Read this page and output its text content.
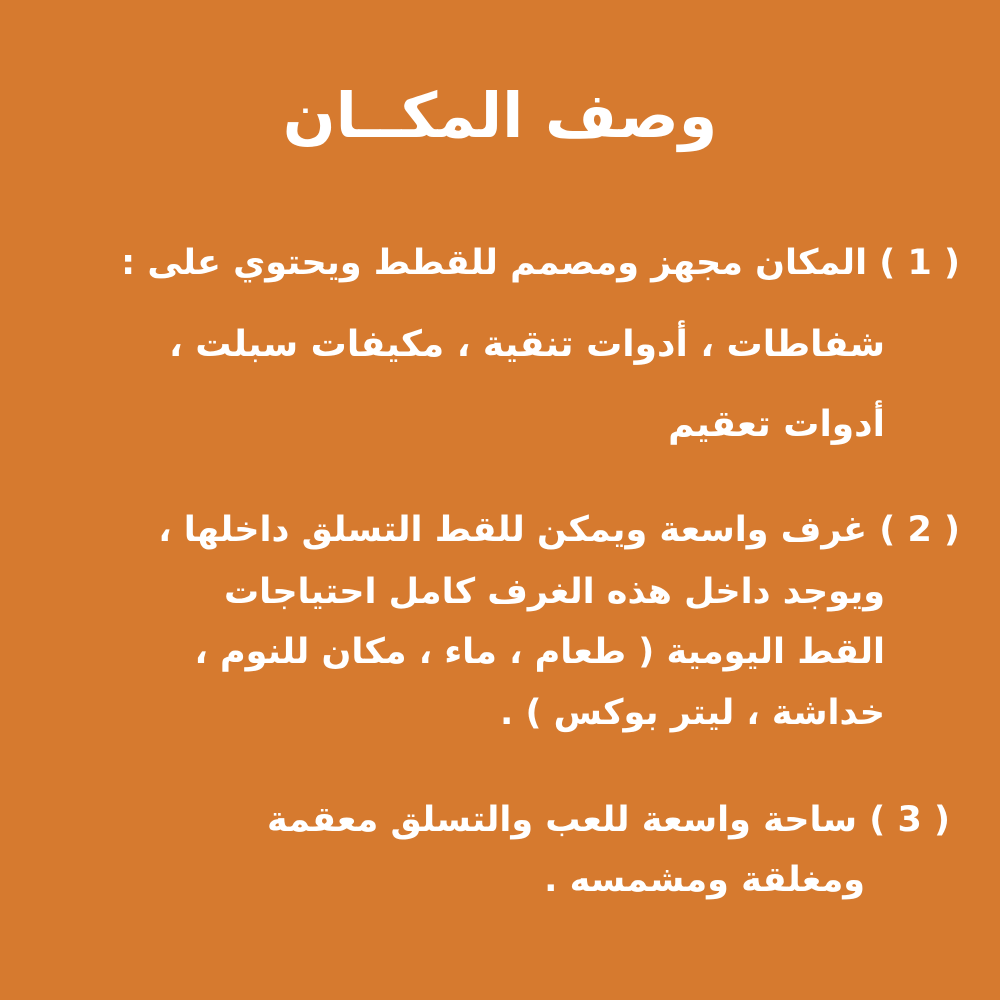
وصف المكــان
( 1 ) المكان مجهز ومصمم للقطط ويحتوي على :
شفاطات ، أدوات تنقية ، مكيفات سبلت ،
أدوات تعقيم
( 2 ) غرف واسعة ويمكن للقط التسلق داخلها ،
ويوجد داخل هذه الغرف كامل احتياجات
القط اليومية ( طعام ، ماء ، مكان للنوم ،
خداشة ، ليتر بوكس ) .
( 3 ) ساحة واسعة للعب والتسلق معقمة
ومغلقة ومشمسه .
